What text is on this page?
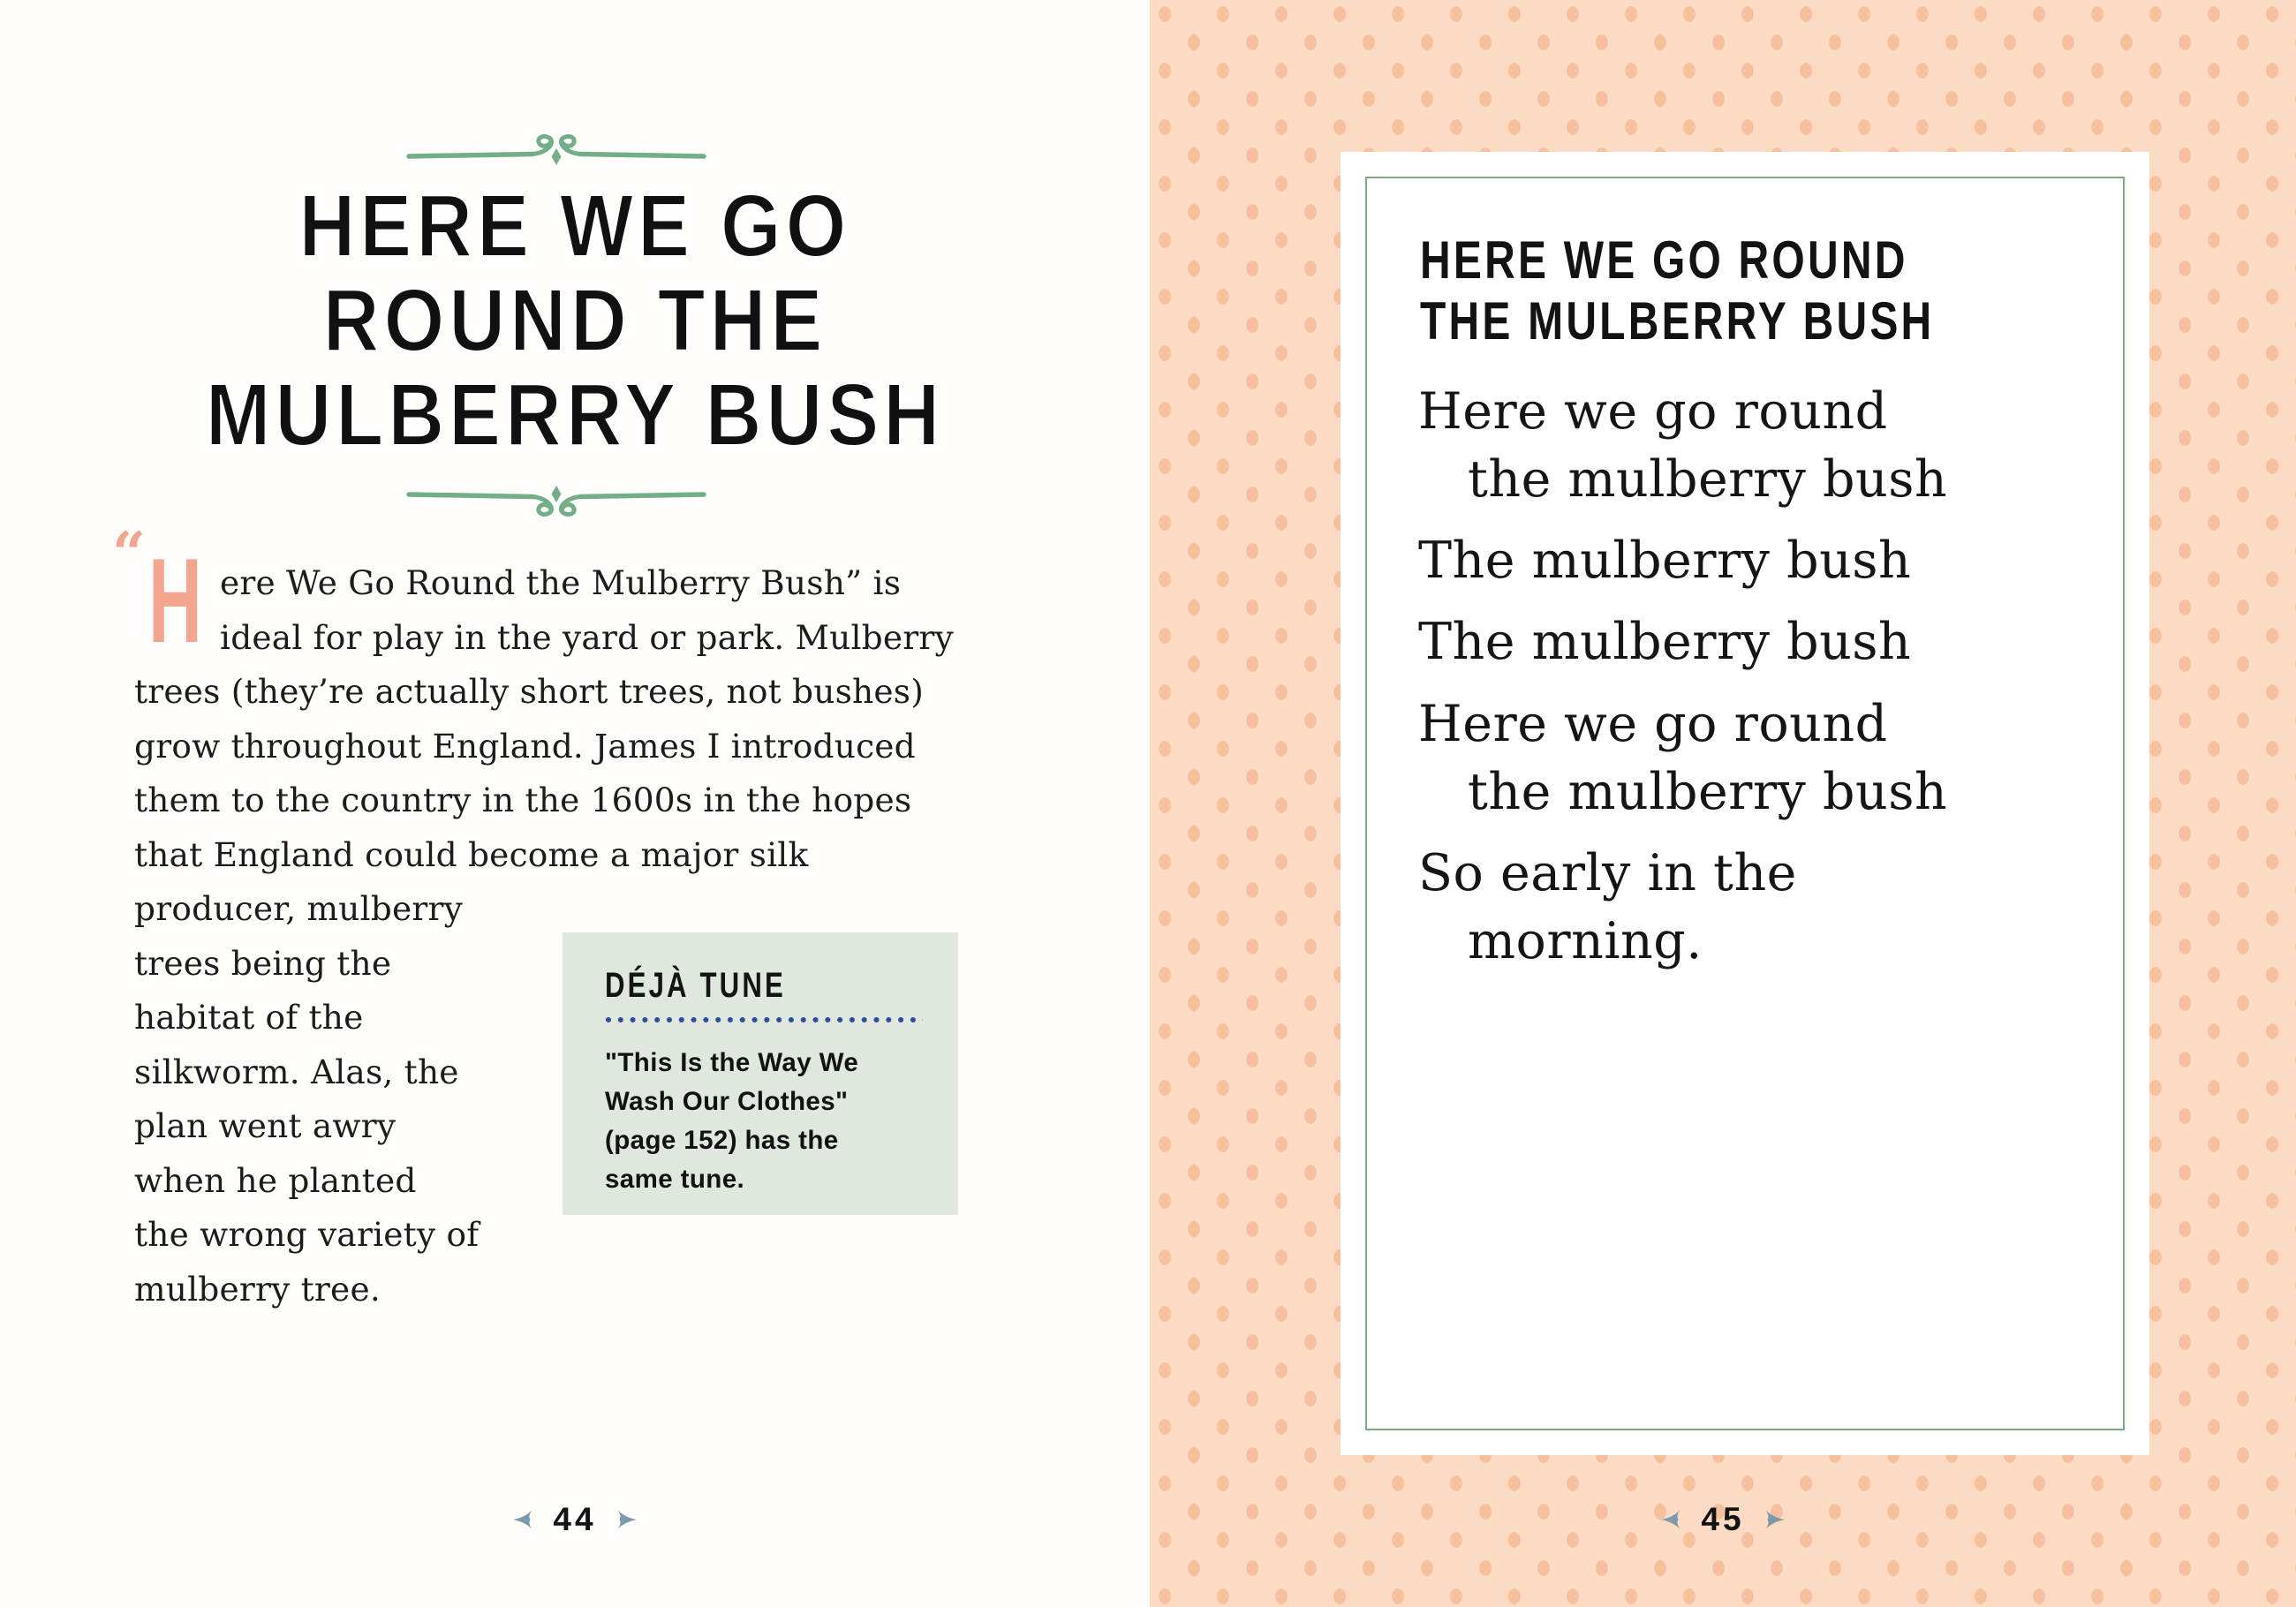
HERE WE GO
ROUND THE
MULBERRY BUSH
“ H ere We Go Round the Mulberry Bush” is
ideal for play in the yard or park. Mulberry
trees (they’re actually short trees, not bushes)
grow throughout England. James I introduced
them to the country in the 1600s in the hopes
that England could become a major silk
producer, mulberry
trees being the
habitat of the
silkworm. Alas, the
plan went awry
when he planted
the wrong variety of
mulberry tree.
DÉJÀ TUNE
"This Is the Way We
Wash Our Clothes"
(page 152) has the
same tune.
44
HERE WE GO ROUND
THE MULBERRY BUSH
Here we go round
the mulberry bush
The mulberry bush
The mulberry bush
Here we go round
the mulberry bush
So early in the
morning.
45
